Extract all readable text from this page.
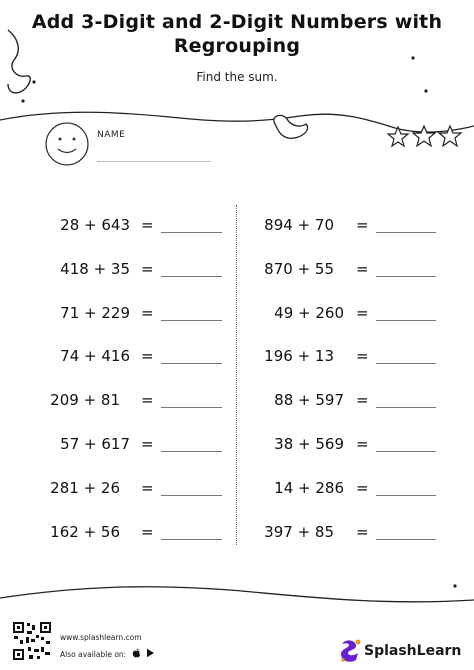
Add 3-Digit and 2-Digit Numbers with
Regrouping
Find the sum.
NAME
28 + 643
418 + 35
71 + 229
74 + 416
209 + 81
57 + 617
281 + 26
162 + 56
=
=
=
=
=
=
=
=
894 + 70
870 + 55
49 + 260
196 + 13
88 + 597
38 + 569
14 + 286
397 + 85
=
=
=
=
=
=
=
=
www.splashlearn.com
Also available on:	SplashLearn
